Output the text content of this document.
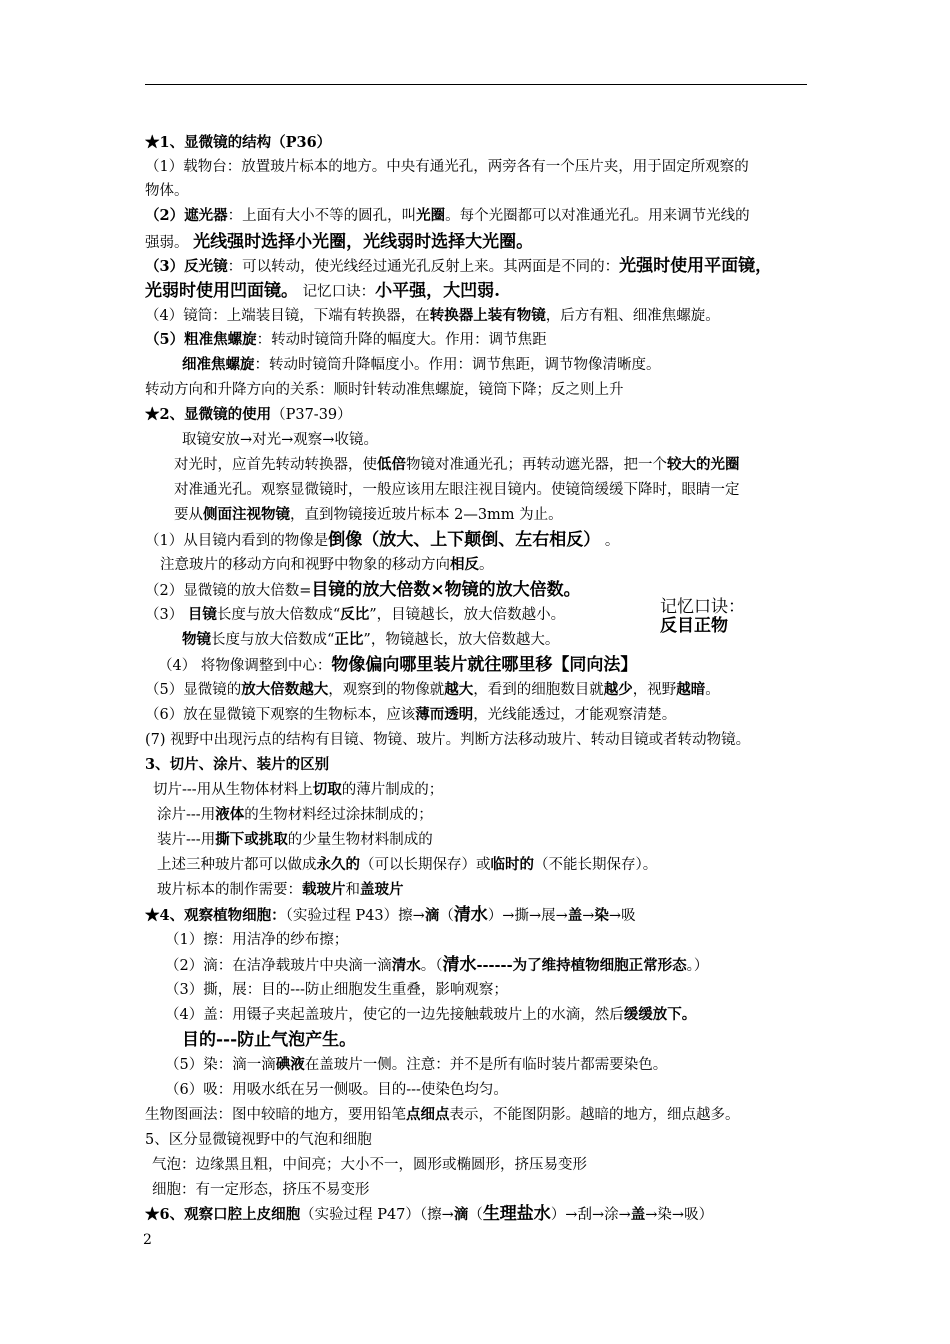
★1、显微镜的结构（P36）
（1）载物台：放置玻片标本的地方。中央有通光孔，两旁各有一个压片夹，用于固定所观察的
物体。
（2）遮光器：上面有大小不等的圆孔，叫光圈。每个光圈都可以对准通光孔。用来调节光线的
强弱。 光线强时选择小光圈，光线弱时选择大光圈。
（3）反光镜：可以转动，使光线经过通光孔反射上来。其两面是不同的：光强时使用平面镜，
光弱时使用凹面镜。 记忆口诀：小平强，大凹弱.
（4）镜筒：上端装目镜，下端有转换器，在转换器上装有物镜，后方有粗、细准焦螺旋。
（5）粗准焦螺旋：转动时镜筒升降的幅度大。作用：调节焦距
细准焦螺旋：转动时镜筒升降幅度小。作用：调节焦距，调节物像清晰度。
转动方向和升降方向的关系：顺时针转动准焦螺旋，镜筒下降；反之则上升
★2、显微镜的使用（P37-39）
取镜安放→对光→观察→收镜。
对光时，应首先转动转换器，使低倍物镜对准通光孔；再转动遮光器，把一个较大的光圈
对准通光孔。观察显微镜时，一般应该用左眼注视目镜内。使镜筒缓缓下降时，眼睛一定
要从侧面注视物镜，直到物镜接近玻片标本 2—3mm 为止。
（1）从目镜内看到的物像是倒像（放大、上下颠倒、左右相反） 。
注意玻片的移动方向和视野中物象的移动方向相反。
（2）显微镜的放大倍数=目镜的放大倍数×物镜的放大倍数。
（3） 目镜长度与放大倍数成“反比”，目镜越长，放大倍数越小。
物镜长度与放大倍数成“正比”，物镜越长，放大倍数越大。
（4） 将物像调整到中心：物像偏向哪里装片就往哪里移【同向法】
（5）显微镜的放大倍数越大，观察到的物像就越大，看到的细胞数目就越少，视野越暗。
（6）放在显微镜下观察的生物标本，应该薄而透明，光线能透过，才能观察清楚。
(7) 视野中出现污点的结构有目镜、物镜、玻片。判断方法移动玻片、转动目镜或者转动物镜。
3、切片、涂片、装片的区别
切片---用从生物体材料上切取的薄片制成的；
涂片---用液体的生物材料经过涂抹制成的；
装片---用撕下或挑取的少量生物材料制成的
上述三种玻片都可以做成永久的（可以长期保存）或临时的（不能长期保存）。
玻片标本的制作需要：载玻片和盖玻片
★4、观察植物细胞：（实验过程 P43）擦→滴（清水）→撕→展→盖→染→吸
（1）擦：用洁净的纱布擦；
（2）滴：在洁净载玻片中央滴一滴清水。（清水------为了维持植物细胞正常形态。）
（3）撕，展：目的---防止细胞发生重叠，影响观察；
（4）盖：用镊子夹起盖玻片，使它的一边先接触载玻片上的水滴，然后缓缓放下。
目的---防止气泡产生。
（5）染：滴一滴碘液在盖玻片一侧。注意：并不是所有临时装片都需要染色。
（6）吸：用吸水纸在另一侧吸。目的---使染色均匀。
生物图画法：图中较暗的地方，要用铅笔点细点表示，不能图阴影。越暗的地方，细点越多。
5、区分显微镜视野中的气泡和细胞
气泡：边缘黑且粗，中间亮；大小不一，圆形或椭圆形，挤压易变形
细胞：有一定形态，挤压不易变形
★6、观察口腔上皮细胞（实验过程 P47）（擦→滴（生理盐水）→刮→涂→盖→染→吸）
记忆口诀：
反目正物
2
